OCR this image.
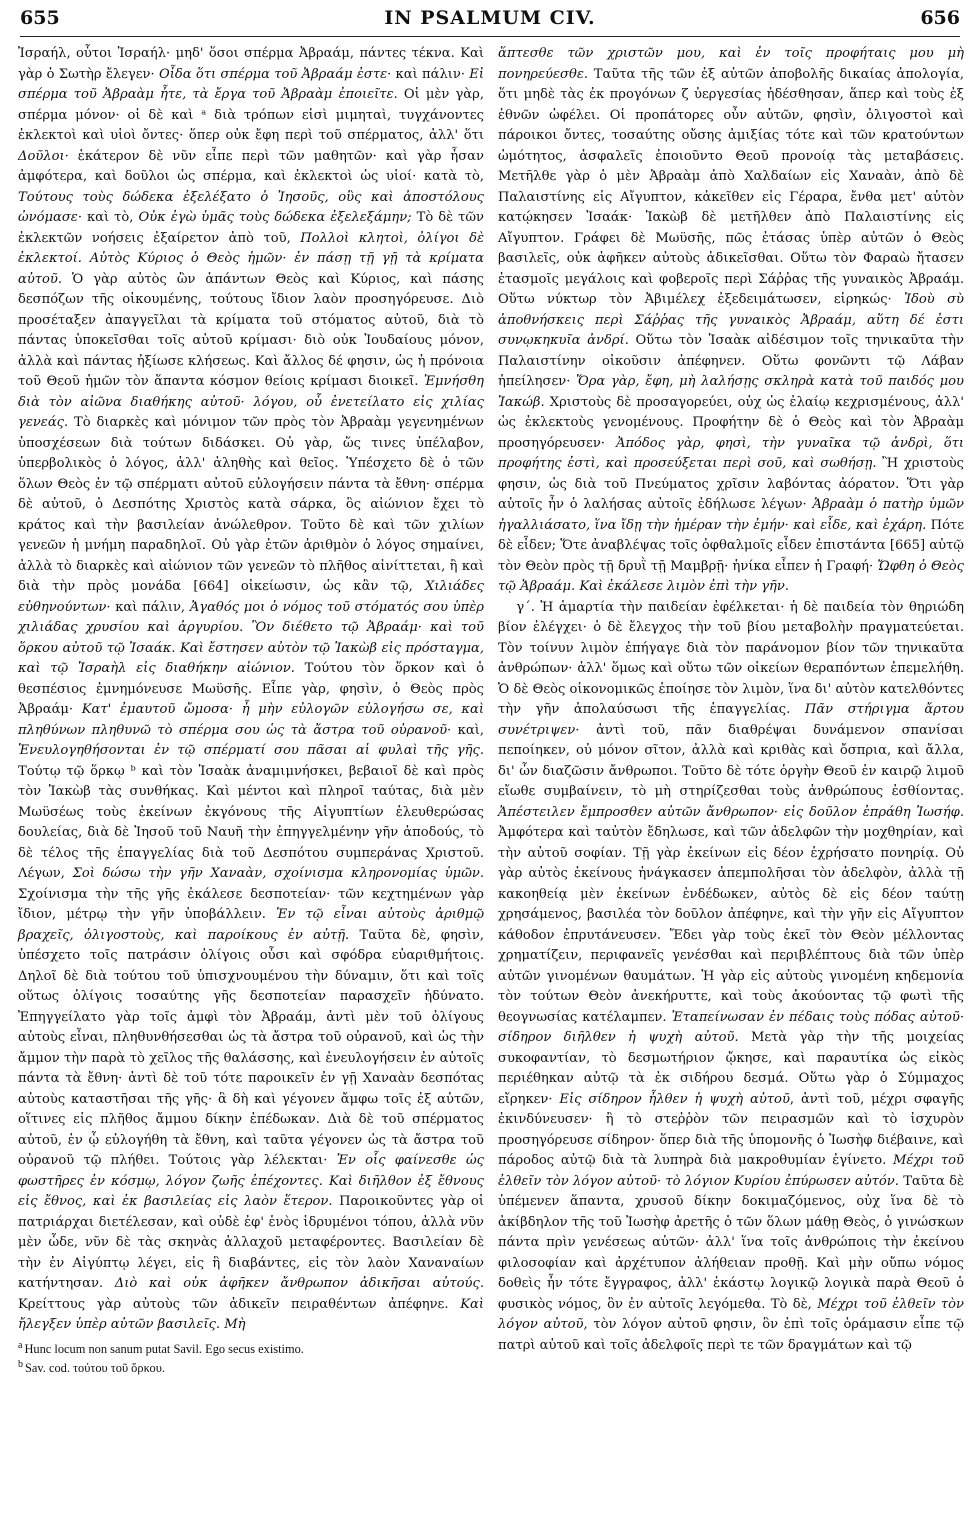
655	IN PSALMUM CIV.	656

Ἰσραήλ, οὗτοι Ἰσραήλ· μηδ' ὅσοι σπέρμα Ἀβραάμ, πάντες τέκνα. Καὶ γὰρ ὁ Σωτὴρ ἔλεγεν· Οἶδα ὅτι σπέρμα τοῦ Ἀβραάμ ἐστε· καὶ πάλιν· Εἰ σπέρμα τοῦ Ἀβραὰμ ἦτε, τὰ ἔργα τοῦ Ἀβραὰμ ἐποιεῖτε. Οἱ μὲν γὰρ, σπέρμα μόνον· οἱ δὲ καὶ ᵃ διὰ τρόπων εἰσὶ μιμηταὶ, τυγχάνοντες ἐκλεκτοὶ καὶ υἱοὶ ὄντες· ὅπερ οὐκ ἔφη περὶ τοῦ σπέρματος, ἀλλ' ὅτι Δοῦλοι· ἑκάτερον δὲ νῦν εἶπε περὶ τῶν μαθητῶν· καὶ γὰρ ἦσαν ἀμφότερα, καὶ δοῦλοι ὡς σπέρμα, καὶ ἐκλεκτοὶ ὡς υἱοί· κατὰ τὸ, Τούτους τοὺς δώδεκα ἐξελέξατο ὁ Ἰησοῦς, οὓς καὶ ἀποστόλους ὠνόμασε· καὶ τὸ, Οὐκ ἐγὼ ὑμᾶς τοὺς δώδεκα ἐξελεξάμην; Τὸ δὲ τῶν ἐκλεκτῶν νοήσεις ἐξαίρετον ἀπὸ τοῦ, Πολλοὶ κλητοὶ, ὀλίγοι δὲ ἐκλεκτοί. Αὐτὸς Κύριος ὁ Θεὸς ἡμῶν· ἐν πάσῃ τῇ γῇ τὰ κρίματα αὐτοῦ. Ὁ γὰρ αὐτὸς ὢν ἁπάντων Θεὸς καὶ Κύριος, καὶ πάσης δεσπόζων τῆς οἰκουμένης, τούτους ἴδιον λαὸν προσηγόρευσε. Διὸ προσέταξεν ἀπαγγεῖλαι τὰ κρίματα τοῦ στόματος αὐτοῦ, διὰ τὸ πάντας ὑποκεῖσθαι τοῖς αὐτοῦ κρίμασι· διὸ οὐκ Ἰουδαίους μόνον, ἀλλὰ καὶ πάντας ἠξίωσε κλήσεως. Καὶ ἄλλος δέ φησιν, ὡς ἡ πρόνοια τοῦ Θεοῦ ἡμῶν τὸν ἅπαντα κόσμον θείοις κρίμασι διοικεῖ. Ἐμνήσθη διὰ τὸν αἰῶνα διαθήκης αὐτοῦ· λόγου, οὗ ἐνετείλατο εἰς χιλίας γενεάς. Τὸ διαρκὲς καὶ μόνιμον τῶν πρὸς τὸν Ἀβραὰμ γεγενημένων ὑποσχέσεων διὰ τούτων διδάσκει. Οὐ γὰρ, ὥς τινες ὑπέλαβον, ὑπερβολικὸς ὁ λόγος, ἀλλ' ἀληθὴς καὶ θεῖος. Ὑπέσχετο δὲ ὁ τῶν ὅλων Θεὸς ἐν τῷ σπέρματι αὐτοῦ εὐλογήσειν πάντα τὰ ἔθνη· σπέρμα δὲ αὐτοῦ, ὁ Δεσπότης Χριστὸς κατὰ σάρκα, ὃς αἰώνιον ἔχει τὸ κράτος καὶ τὴν βασιλείαν ἀνώλεθρον. Τοῦτο δὲ καὶ τῶν χιλίων γενεῶν ἡ μνήμη παραδηλοῖ. Οὐ γὰρ ἐτῶν ἀριθμὸν ὁ λόγος σημαίνει, ἀλλὰ τὸ διαρκὲς καὶ αἰώνιον τῶν γενεῶν τὸ πλῆθος αἰνίττεται, ἢ καὶ διὰ τὴν πρὸς μονάδα [664] οἰκείωσιν, ὡς κἂν τῷ, Χιλιάδες εὐθηνούντων· καὶ πάλιν, Ἀγαθός μοι ὁ νόμος τοῦ στόματός σου ὑπὲρ χιλιάδας χρυσίου καὶ ἀργυρίου. Ὃν διέθετο τῷ Ἀβραάμ· καὶ τοῦ ὅρκου αὐτοῦ τῷ Ἰσαάκ. Καὶ ἔστησεν αὐτὸν τῷ Ἰακὼβ εἰς πρόσταγμα, καὶ τῷ Ἰσραὴλ εἰς διαθήκην αἰώνιον. Τούτου τὸν ὅρκον καὶ ὁ θεσπέσιος ἐμνημόνευσε Μωϋσῆς. Εἶπε γὰρ, φησὶν, ὁ Θεὸς πρὸς Ἀβραάμ· Κατ' ἐμαυτοῦ ὤμοσα· ἦ μὴν εὐλογῶν εὐλογήσω σε, καὶ πληθύνων πληθυνῶ τὸ σπέρμα σου ὡς τὰ ἄστρα τοῦ οὐρανοῦ· καὶ, Ἐνευλογηθήσονται ἐν τῷ σπέρματί σου πᾶσαι αἱ φυλαὶ τῆς γῆς. Τούτῳ τῷ ὅρκῳ ᵇ καὶ τὸν Ἰσαὰκ ἀναμιμνήσκει, βεβαιοῖ δὲ καὶ πρὸς τὸν Ἰακὼβ τὰς συνθήκας. Καὶ μέντοι καὶ πληροῖ ταύτας, διὰ μὲν Μωϋσέως τοὺς ἐκείνων ἐκγόνους τῆς Αἰγυπτίων ἐλευθερώσας δουλείας, διὰ δὲ Ἰησοῦ τοῦ Ναυῆ τὴν ἐπηγγελμένην γῆν ἀποδούς, τὸ δὲ τέλος τῆς ἐπαγγελίας διὰ τοῦ Δεσπότου συμπεράνας Χριστοῦ. Λέγων, Σοὶ δώσω τὴν γῆν Χαναὰν, σχοίνισμα κληρονομίας ὑμῶν. Σχοίνισμα τὴν τῆς γῆς ἐκάλεσε δεσποτείαν· τῶν κεχτημένων γὰρ ἴδιον, μέτρῳ τὴν γῆν ὑποβάλλειν. Ἐν τῷ εἶναι αὐτοὺς ἀριθμῷ βραχεῖς, ὀλιγοστοὺς, καὶ παροίκους ἐν αὐτῇ. Ταῦτα δὲ, φησὶν, ὑπέσχετο τοῖς πατράσιν ὀλίγοις οὖσι καὶ σφόδρα εὐαριθμήτοις. Δηλοῖ δὲ διὰ τούτου τοῦ ὑπισχνουμένου τὴν δύναμιν, ὅτι καὶ τοῖς οὕτως ὀλίγοις τοσαύτης γῆς δεσποτείαν παρασχεῖν ἠδύνατο. Ἐπηγγείλατο γὰρ τοῖς ἀμφὶ τὸν Ἀβραάμ, ἀντὶ μὲν τοῦ ὀλίγους αὐτοὺς εἶναι, πληθυνθήσεσθαι ὡς τὰ ἄστρα τοῦ οὐρανοῦ, καὶ ὡς τὴν ἄμμον τὴν παρὰ τὸ χεῖλος τῆς θαλάσσης, καὶ ἐνευλογήσειν ἐν αὐτοῖς πάντα τὰ ἔθνη· ἀντὶ δὲ τοῦ τότε παροικεῖν ἐν γῇ Χαναὰν δεσπότας αὐτοὺς καταστῆσαι τῆς γῆς· ἃ δὴ καὶ γέγονεν ἄμφω τοῖς ἐξ αὐτῶν, οἵτινες εἰς πλῆθος ἄμμου δίκην ἐπέδωκαν. Διὰ δὲ τοῦ σπέρματος αὐτοῦ, ἐν ᾧ εὐλογήθη τὰ ἔθνη, καὶ ταῦτα γέγονεν ὡς τὰ ἄστρα τοῦ οὐρανοῦ τῷ πλήθει. Τούτοις γὰρ λέλεκται· Ἐν οἷς φαίνεσθε ὡς φωστῆρες ἐν κόσμῳ, λόγον ζωῆς ἐπέχοντες. Καὶ διῆλθον ἐξ ἔθνους εἰς ἔθνος, καὶ ἐκ βασιλείας εἰς λαὸν ἕτερον. Παροικοῦντες γὰρ οἱ πατριάρχαι διετέλεσαν, καὶ οὐδὲ ἐφ' ἑνὸς ἱδρυμένοι τόπου, ἀλλὰ νῦν μὲν ὧδε, νῦν δὲ τὰς σκηνὰς ἀλλαχοῦ μεταφέροντες. Βασιλείαν δὲ τὴν ἐν Αἰγύπτῳ λέγει, εἰς ἣ διαβάντες, εἰς τὸν λαὸν Χαναναίων κατήντησαν. Διὸ καὶ οὐκ ἀφῆκεν ἄνθρωπον ἀδικῆσαι αὐτούς. Κρείττους γὰρ αὐτοὺς τῶν ἀδικεῖν πειραθέντων ἀπέφηνε. Καὶ ἤλεγξεν ὑπὲρ αὐτῶν βασιλεῖς. Μὴ

$^a$ Hunc locum non sanum putat Savil. Ego secus existimo.
$^b$ Sav. cod. τούτου τοῦ ὅρκου.

ἅπτεσθε τῶν χριστῶν μου, καὶ ἐν τοῖς προφήταις μου μὴ πονηρεύεσθε. Ταῦτα τῆς τῶν ἐξ αὐτῶν ἀποβολῆς δικαίας ἀπολογία, ὅτι μηδὲ τὰς ἐκ προγόνων ζ ὐεργεσίας ἠδέσθησαν, ἅπερ καὶ τοὺς ἐξ ἐθνῶν ὠφέλει. Οἱ προπάτορες οὖν αὐτῶν, φησὶν, ὀλιγοστοὶ καὶ πάροικοι ὄντες, τοσαύτης οὔσης ἀμιξίας τότε καὶ τῶν κρατούντων ὠμότητος, ἀσφαλεῖς ἐποιοῦντο Θεοῦ προνοίᾳ τὰς μεταβάσεις. Μετῆλθε γὰρ ὁ μὲν Ἀβραὰμ ἀπὸ Χαλδαίων εἰς Χαναὰν, ἀπὸ δὲ Παλαιστίνης εἰς Αἴγυπτον, κἀκεῖθεν εἰς Γέραρα, ἔνθα μετ' αὐτὸν κατῴκησεν Ἰσαάκ· Ἰακὼβ δὲ μετῆλθεν ἀπὸ Παλαιστίνης εἰς Αἴγυπτον. Γράφει δὲ Μωϋσῆς, πῶς ἐτάσας ὑπὲρ αὐτῶν ὁ Θεὸς βασιλεῖς, οὐκ ἀφῆκεν αὐτοὺς ἀδικεῖσθαι. Οὕτω τὸν Φαραὼ ἤτασεν ἐτασμοῖς μεγάλοις καὶ φοβεροῖς περὶ Σάῤῥας τῆς γυναικὸς Ἀβραάμ. Οὕτω νύκτωρ τὸν Ἀβιμέλεχ ἐξεδειμάτωσεν, εἰρηκώς· Ἰδοὺ σὺ ἀποθνήσκεις περὶ Σάῤῥας τῆς γυναικὸς Ἀβραάμ, αὕτη δέ ἐστι συνῳκηκυῖα ἀνδρί. Οὕτω τὸν Ἰσαὰκ αἰδέσιμον τοῖς τηνικαῦτα τὴν Παλαιστίνην οἰκοῦσιν ἀπέφηνεν. Οὕτω φονῶντι τῷ Λάβαν ἠπείλησεν· Ὅρα γὰρ, ἔφη, μὴ λαλήσῃς σκληρὰ κατὰ τοῦ παιδός μου Ἰακώβ. Χριστοὺς δὲ προσαγορεύει, οὐχ ὡς ἐλαίῳ κεχρισμένους, ἀλλ' ὡς ἐκλεκτοὺς γενομένους. Προφήτην δὲ ὁ Θεὸς καὶ τὸν Ἀβραὰμ προσηγόρευσεν· Ἀπόδος γὰρ, φησὶ, τὴν γυναῖκα τῷ ἀνδρὶ, ὅτι προφήτης ἐστὶ, καὶ προσεύξεται περὶ σοῦ, καὶ σωθήσῃ. Ἢ χριστοὺς φησιν, ὡς διὰ τοῦ Πνεύματος χρῖσιν λαβόντας ἀόρατον. Ὅτι γὰρ αὐτοῖς ἦν ὁ λαλήσας αὐτοῖς ἐδήλωσε λέγων· Ἀβραὰμ ὁ πατὴρ ὑμῶν ἠγαλλιάσατο, ἵνα ἴδῃ τὴν ἡμέραν τὴν ἐμήν· καὶ εἶδε, καὶ ἐχάρη. Πότε δὲ εἶδεν; Ὅτε ἀναβλέψας τοῖς ὀφθαλμοῖς εἶδεν ἐπιστάντα [665] αὐτῷ τὸν Θεὸν πρὸς τῇ δρυῒ τῇ Μαμβρῇ· ἡνίκα εἶπεν ἡ Γραφή· Ὤφθη ὁ Θεὸς τῷ Ἀβραάμ. Καὶ ἐκάλεσε λιμὸν ἐπὶ τὴν γῆν.
γ΄. Ἡ ἁμαρτία τὴν παιδείαν ἐφέλκεται· ἡ δὲ παιδεία τὸν θηριώδη βίον ἐλέγχει· ὁ δὲ ἔλεγχος τὴν τοῦ βίου μεταβολὴν πραγματεύεται. Τὸν τοίνυν λιμὸν ἐπήγαγε διὰ τὸν παράνομον βίον τῶν τηνικαῦτα ἀνθρώπων· ἀλλ' ὅμως καὶ οὕτω τῶν οἰκείων θεραπόντων ἐπεμελήθη. Ὁ δὲ Θεὸς οἰκονομικῶς ἐποίησε τὸν λιμὸν, ἵνα δι' αὐτὸν κατελθόντες τὴν γῆν ἀπολαύσωσι τῆς ἐπαγγελίας. Πᾶν στήριγμα ἄρτου συνέτριψεν· ἀντὶ τοῦ, πᾶν διαθρέψαι δυνάμενον σπανίσαι πεποίηκεν, οὐ μόνον σῖτον, ἀλλὰ καὶ κριθὰς καὶ ὄσπρια, καὶ ἄλλα, δι' ὧν διαζῶσιν ἄνθρωποι. Τοῦτο δὲ τότε ὀργὴν Θεοῦ ἐν καιρῷ λιμοῦ εἴωθε συμβαίνειν, τὸ μὴ στηρίζεσθαι τοὺς ἀνθρώπους ἐσθίοντας. Ἀπέστειλεν ἔμπροσθεν αὐτῶν ἄνθρωπον· εἰς δοῦλον ἐπράθη Ἰωσήφ. Ἀμφότερα καὶ ταὐτὸν ἔδηλωσε, καὶ τῶν ἀδελφῶν τὴν μοχθηρίαν, καὶ τὴν αὐτοῦ σοφίαν. Τῇ γὰρ ἐκείνων εἰς δέον ἐχρήσατο πονηρίᾳ. Οὐ γὰρ αὐτὸς ἐκείνους ἠνάγκασεν ἀπεμπολῆσαι τὸν ἀδελφὸν, ἀλλὰ τῇ κακοηθείᾳ μὲν ἐκείνων ἐνδέδωκεν, αὐτὸς δὲ εἰς δέον ταύτῃ χρησάμενος, βασιλέα τὸν δοῦλον ἀπέφηνε, καὶ τὴν γῆν εἰς Αἴγυπτον κάθοδον ἐπρυτάνευσεν. Ἔδει γὰρ τοὺς ἐκεῖ τὸν Θεὸν μέλλοντας χρηματίζειν, περιφανεῖς γενέσθαι καὶ περιβλέπτους διὰ τῶν ὑπὲρ αὐτῶν γινομένων θαυμάτων. Ἡ γὰρ εἰς αὐτοὺς γινομένη κηδεμονία τὸν τούτων Θεὸν ἀνεκήρυττε, καὶ τοὺς ἀκούοντας τῷ φωτὶ τῆς θεογνωσίας κατέλαμπεν. Ἐταπείνωσαν ἐν πέδαις τοὺς πόδας αὐτοῦ· σίδηρον διῆλθεν ἡ ψυχὴ αὐτοῦ. Μετὰ γὰρ τὴν τῆς μοιχείας συκοφαντίαν, τὸ δεσμωτήριον ᾤκησε, καὶ παραυτίκα ὡς εἰκὸς περιέθηκαν αὐτῷ τὰ ἐκ σιδήρου δεσμά. Οὕτω γὰρ ὁ Σύμμαχος εἴρηκεν· Εἰς σίδηρον ἦλθεν ἡ ψυχὴ αὐτοῦ, ἀντὶ τοῦ, μέχρι σφαγῆς ἐκινδύνευσεν· ἢ τὸ στεῤῥὸν τῶν πειρασμῶν καὶ τὸ ἰσχυρὸν προσηγόρευσε σίδηρον· ὅπερ διὰ τῆς ὑπομονῆς ὁ Ἰωσὴφ διέβαινε, καὶ πάροδος αὐτῷ διὰ τὰ λυπηρὰ διὰ μακροθυμίαν ἐγίνετο. Μέχρι τοῦ ἐλθεῖν τὸν λόγον αὐτοῦ· τὸ λόγιον Κυρίου ἐπύρωσεν αὐτόν. Ταῦτα δὲ ὑπέμενεν ἅπαντα, χρυσοῦ δίκην δοκιμαζόμενος, οὐχ ἵνα δὲ τὸ ἀκίβδηλον τῆς τοῦ Ἰωσὴφ ἀρετῆς ὁ τῶν ὅλων μάθῃ Θεὸς, ὁ γινώσκων πάντα πρὶν γενέσεως αὐτῶν· ἀλλ' ἵνα τοῖς ἀνθρώποις τὴν ἐκείνου φιλοσοφίαν καὶ ἀρχέτυπον ἀλήθειαν προθῇ. Καὶ μὴν οὔπω νόμος δοθεὶς ἦν τότε ἔγγραφος, ἀλλ' ἑκάστῳ λογικῷ λογικὰ παρὰ Θεοῦ ὁ φυσικὸς νόμος, ὃν ἐν αὐτοῖς λεγόμεθα. Τὸ δὲ, Μέχρι τοῦ ἐλθεῖν τὸν λόγον αὐτοῦ, τὸν λόγον αὐτοῦ φησιν, ὃν ἐπὶ τοῖς ὁράμασιν εἶπε τῷ πατρὶ αὐτοῦ καὶ τοῖς ἀδελφοῖς περὶ τε τῶν δραγμάτων καὶ τῷ
